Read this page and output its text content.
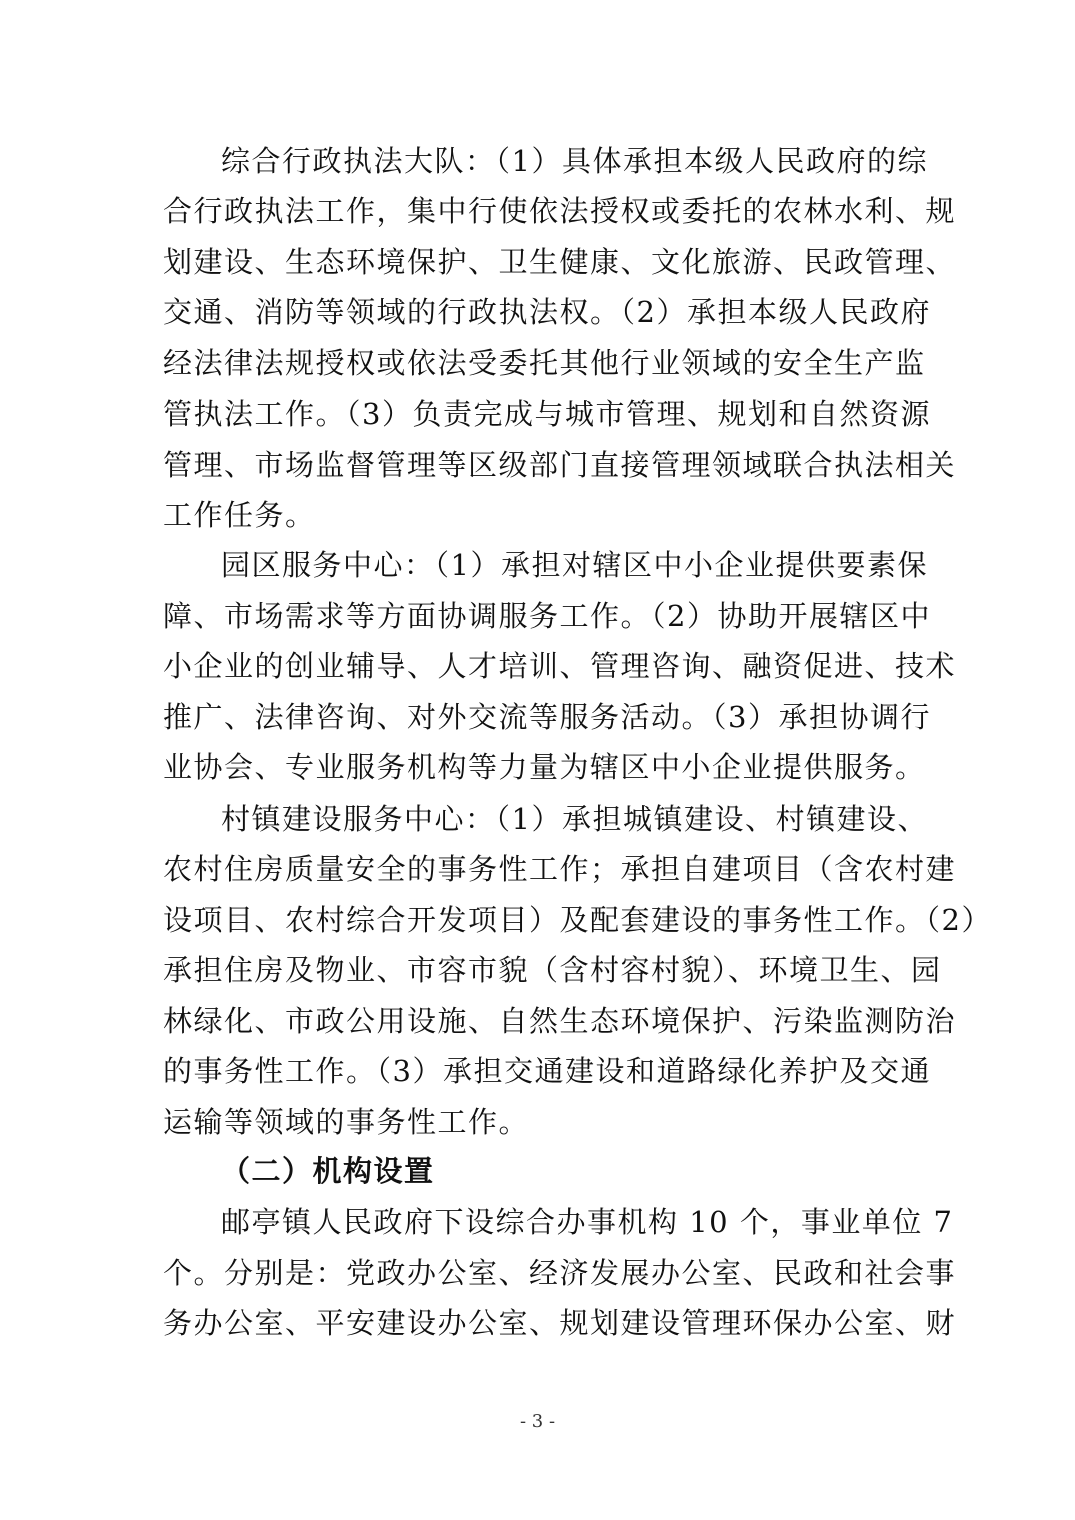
综合行政执法大队：（1）具体承担本级人民政府的综
合行政执法工作，集中行使依法授权或委托的农林水利、规
划建设、生态环境保护、卫生健康、文化旅游、民政管理、
交通、消防等领域的行政执法权。（2）承担本级人民政府
经法律法规授权或依法受委托其他行业领域的安全生产监
管执法工作。（3）负责完成与城市管理、规划和自然资源
管理、市场监督管理等区级部门直接管理领域联合执法相关
工作任务。
园区服务中心：（1）承担对辖区中小企业提供要素保
障、市场需求等方面协调服务工作。（2）协助开展辖区中
小企业的创业辅导、人才培训、管理咨询、融资促进、技术
推广、法律咨询、对外交流等服务活动。（3）承担协调行
业协会、专业服务机构等力量为辖区中小企业提供服务。
村镇建设服务中心：（1）承担城镇建设、村镇建设、
农村住房质量安全的事务性工作；承担自建项目（含农村建
设项目、农村综合开发项目）及配套建设的事务性工作。（2）
承担住房及物业、市容市貌（含村容村貌）、环境卫生、园
林绿化、市政公用设施、自然生态环境保护、污染监测防治
的事务性工作。（3）承担交通建设和道路绿化养护及交通
运输等领域的事务性工作。
（二）机构设置
邮亭镇人民政府下设综合办事机构 10 个，事业单位 7
个。分别是：党政办公室、经济发展办公室、民政和社会事
务办公室、平安建设办公室、规划建设管理环保办公室、财
- 3 -
